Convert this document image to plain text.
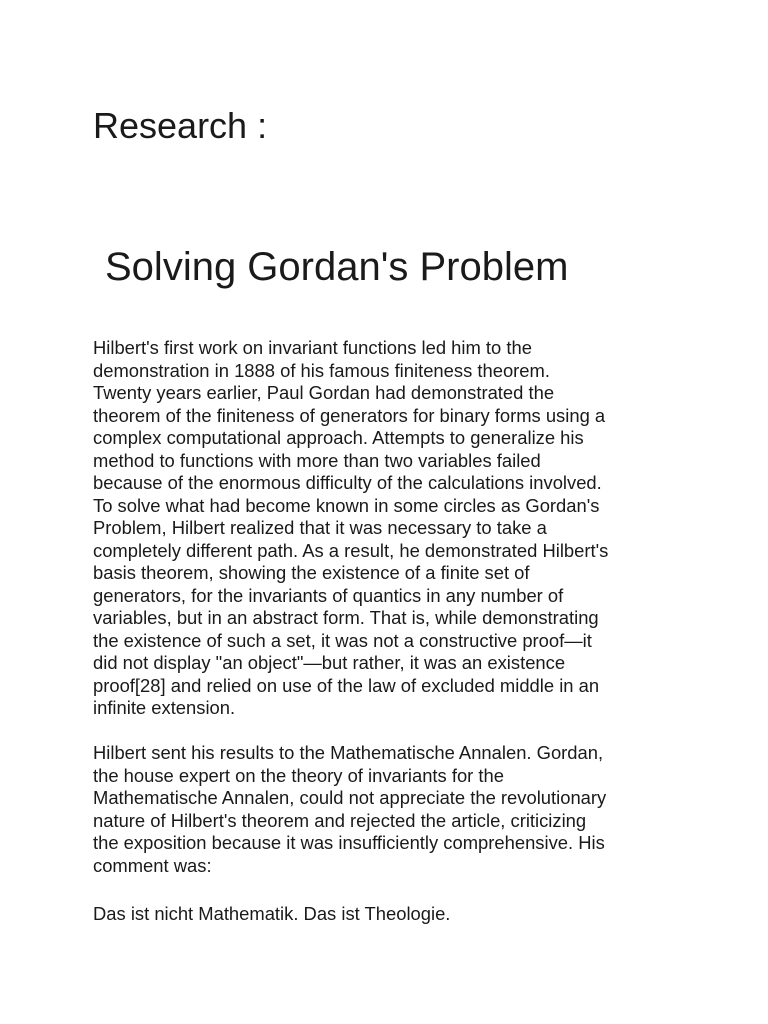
Research :
Solving Gordan's Problem

Hilbert's first work on invariant functions led him to the
demonstration in 1888 of his famous finiteness theorem.
Twenty years earlier, Paul Gordan had demonstrated the
theorem of the finiteness of generators for binary forms using a
complex computational approach. Attempts to generalize his
method to functions with more than two variables failed
because of the enormous difficulty of the calculations involved.
To solve what had become known in some circles as Gordan's
Problem, Hilbert realized that it was necessary to take a
completely different path. As a result, he demonstrated Hilbert's
basis theorem, showing the existence of a finite set of
generators, for the invariants of quantics in any number of
variables, but in an abstract form. That is, while demonstrating
the existence of such a set, it was not a constructive proof—it
did not display "an object"—but rather, it was an existence
proof[28] and relied on use of the law of excluded middle in an
infinite extension.

Hilbert sent his results to the Mathematische Annalen. Gordan,
the house expert on the theory of invariants for the
Mathematische Annalen, could not appreciate the revolutionary
nature of Hilbert's theorem and rejected the article, criticizing
the exposition because it was insufficiently comprehensive. His
comment was:

Das ist nicht Mathematik. Das ist Theologie.
